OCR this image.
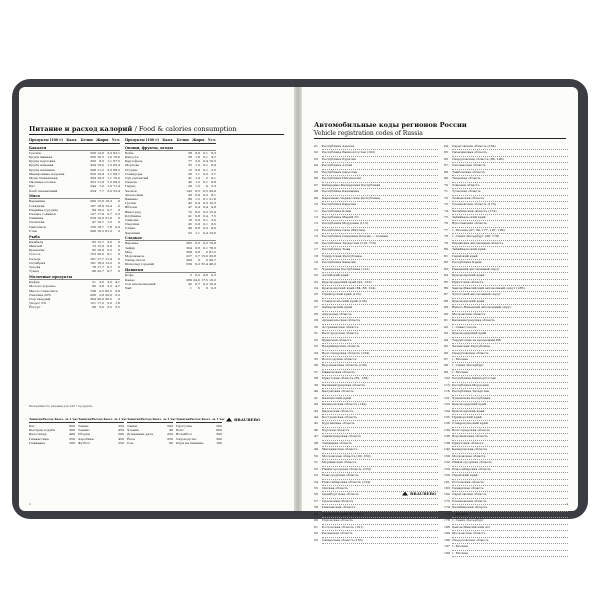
Питание и расход калорий / Food & calories consumption
Продукты (100 г) Ккал. Белки Жиры Угл.
Бакалея
Гречка	330 12,6 3,3 62,1
Крупа манная	326 10,3 1,0 70,6
Крупа перловая	320 9,3 1,1 67,5
Крупа ячневая	324 10,0 1,3 65,4
Крупа пшённая	348 11,5 3,3 66,5
Макаронные изделия	350 10,4 1,1 69,7
Мука пшеничная	334 10,3 1,1 70,0
Овсяные хлопья	352 11,9 7,2 69,3
Рис	344 7,0 1,0 71,4
Хлеб пшеничный	254 7,7 3,0 53,4
Мясо
Баранина	209 15,6 16,3	0
Говядина	187 18,9 12,4	0
Индейка (грудка)	84 19,2 0,7	0
Печень говяжья	127 17,9 3,7 5,3
Свинина	259 16,0 21,6	0
Телятина	97 19,7 1,2	0
Цыплёнок	156 18,7 7,8 0,4
Утка	308 16,5 61,2	0
Рыба
Камбала	83 15,7 3,0	0
Минтай	72 15,9 0,9	0
Креветки	95 18,9 2,2	0
Лосось	153 20,0 8,1	0
Сельдь	161 17,7 11,4	0
Скумбрия	191 18,0 13,2	0
Треска	78 17,7 0,7	0
Тунец	96 22,7 0,7	0
Молочные продукты
Кефир	51 3,0 3,2 4,1
Молоко коровье	60 2,8 3,2 4,7
Масло сливочное	748 0,5 82,5 0,8
Сметана 20%	206 2,8 20,0 3,2
Сыр твёрдый	364 26,0 26,5	0
Творог 5%	121 17,2 5,0 1,8
Йогурт	66 5,0 3,2 3,5
Продукты (100 г) Ккал. Белки Жиры Угл.
Овощи, фрукты, ягоды
Бобы	58 6,0 0,1 8,3
Капуста	28 1,8 0,1 4,7
Картофель	77 2,0 0,4 16,3
Морковь	35 1,3 0,1 6,9
Огурцы	15 0,8 0,1 2,5
Помидоры	20 1,1 0,2 3,7
Лук репчатый	41 1,4	0 9,1
Свёкла	42 1,5 0,1 8,8
Перец	26 1,3	0 5,3
Чеснок	143 6,5 0,5 29,9
Апельсины	43 0,9 0,2 8,1
Бананы	89 1,5 0,1 21,8
Груши	42 0,4 0,3 10,3
Яблоки	47 0,4 0,4 9,8
Виноград	72 0,6 0,2 15,4
Клубника	41 0,8 0,4 7,5
Лимоны	16 0,9 0,1 3,0
Персики	45 0,9 0,1 9,5
Слива	49 0,8 0,3 9,6
Черешня	52 1,1 0,4 10,6
Сладкое
Варенье	265 0,3 0,2 70,9
Зефир	304 0,8 0,1 78,3
Мёд	308 0,8	0 81,5
Мороженое	227 3,7 15,0 20,8
Сахар-песок	399	0	0 99,7
Шоколад горький	539 6,2 35,4 48,2
Напитки
Кофе	2 0,2 0,6 0,3
Какао	289 24,2 17,5 10,2
Сок апельсиновый	45 0,7 0,2 10,4
Чай	1	0	0 0,3
Калорийность указана для 100 г продукта.
Занятие Расход Ккал. за 1 час
Бег	600
Быстрая ходьба	300
Велосипед	400
Гимнастика	250
Плавание	500
Занятие Расход Ккал. за 1 час
Танцы	350
Теннис	450
Уборка	200
Аэробика	450
Футбол	550
Занятие Расход Ккал. за 1 час
Лыжи	500
Чтение	40
Домашние дела	200
Йога	250
Сон	60
Занятие Расход Ккал. за 1 час
Прогулка	200
Бокс	600
Волейбол	300
Садоводство	300
Игра на пианино	160
BRAUBERG
2
Автомобильные коды регионов России
Vehicle registration codes of Russia
01	Республика Адыгея
02	Республика Башкортостан (102)
03	Республика Бурятия
04	Республика Алтай
05	Республика Дагестан
06	Республика Ингушетия
07	Кабардино-Балкарская Республика
08	Республика Калмыкия
09	Карачаево-Черкесская Республика
10	Республика Карелия
11	Республика Коми
12	Республика Марий Эл
13	Республика Мордовия (113)
14	Республика Саха (Якутия)
15	Республика Северная Осетия — Алания
16	Республика Татарстан (116, 716)
17	Республика Тыва
18	Удмуртская Республика
19	Республика Хакасия
21	Чувашская Республика (121)
22	Алтайский край
23	Краснодарский край (93, 123)
24	Красноярский край (84, 88, 124)
25	Приморский край (125)
26	Ставропольский край (126)
27	Хабаровский край
28	Амурская область
29	Архангельская область
30	Астраханская область
31	Белгородская область
32	Брянская область
33	Владимирская область
34	Волгоградская область (134)
35	Вологодская область
36	Воронежская область (136)
37	Ивановская область
38	Иркутская область (85, 138)
39	Калининградская область
40	Калужская область
41	Камчатский край
42	Кемеровская область (142)
43	Кировская область
44	Костромская область
45	Курганская область
46	Курская область
47	Ленинградская область
48	Липецкая область
49	Магаданская область
50	Московская область (90, 150)
51	Мурманская область
52	Нижегородская область (152)
53	Новгородская область
54	Новосибирская область (154)
55	Омская область
56	Оренбургская область
57	Орловская область
58	Пензенская область
59	Пермский край (81, 159)
60	Псковская область
61	Ростовская область (161)
62	Рязанская область
63	Самарская область (163)
64	Саратовская область (164)
65	Сахалинская область
66	Свердловская область (96, 196)
67	Смоленская область
68	Тамбовская область
69	Тверская область
70	Томская область
71	Тульская область
72	Тюменская область
73	Ульяновская область (173)
74	Челябинская область (174)
75	Забайкальский край
76	Ярославская область
77	г. Москва (97, 99, 177, 197, 199)
78	г. Санкт-Петербург (98, 178)
79	Еврейская автономная область
80	Забайкальский край
81	Пермский край
82	Республика Крым
83	Ненецкий автономный округ
84	Красноярский край
85	Иркутская область
86	Ханты-Мансийский автономный округ (186)
87	Чукотский автономный округ
88	Красноярский край
89	Ямало-Ненецкий автономный округ
90	Московская область
91	Калининградская область
92	г. Севастополь
93	Краснодарский край
94	Территории за пределами РФ
95	Чеченская Республика
96	Свердловская область
97	г. Москва
98	г. Санкт-Петербург
99	г. Москва
102 Республика Башкортостан
113 Республика Мордовия
116 Республика Татарстан
121 Чувашская Республика
123 Краснодарский край
124 Красноярский край
125 Приморский край
126 Ставропольский край
134 Волгоградская область
136 Воронежская область
138 Иркутская область
142 Кемеровская область
150 Московская область
152 Нижегородская область
154 Новосибирская область
159 Пермский край
161 Ростовская область
163 Самарская область
164 Саратовская область
173 Ульяновская область
174 Челябинская область
177 г. Москва
178 г. Санкт-Петербург
186 Ханты-Мансийский АО
190 Московская область
196 Свердловская область
197 г. Москва
199 г. Москва
BRAUBERG
3
